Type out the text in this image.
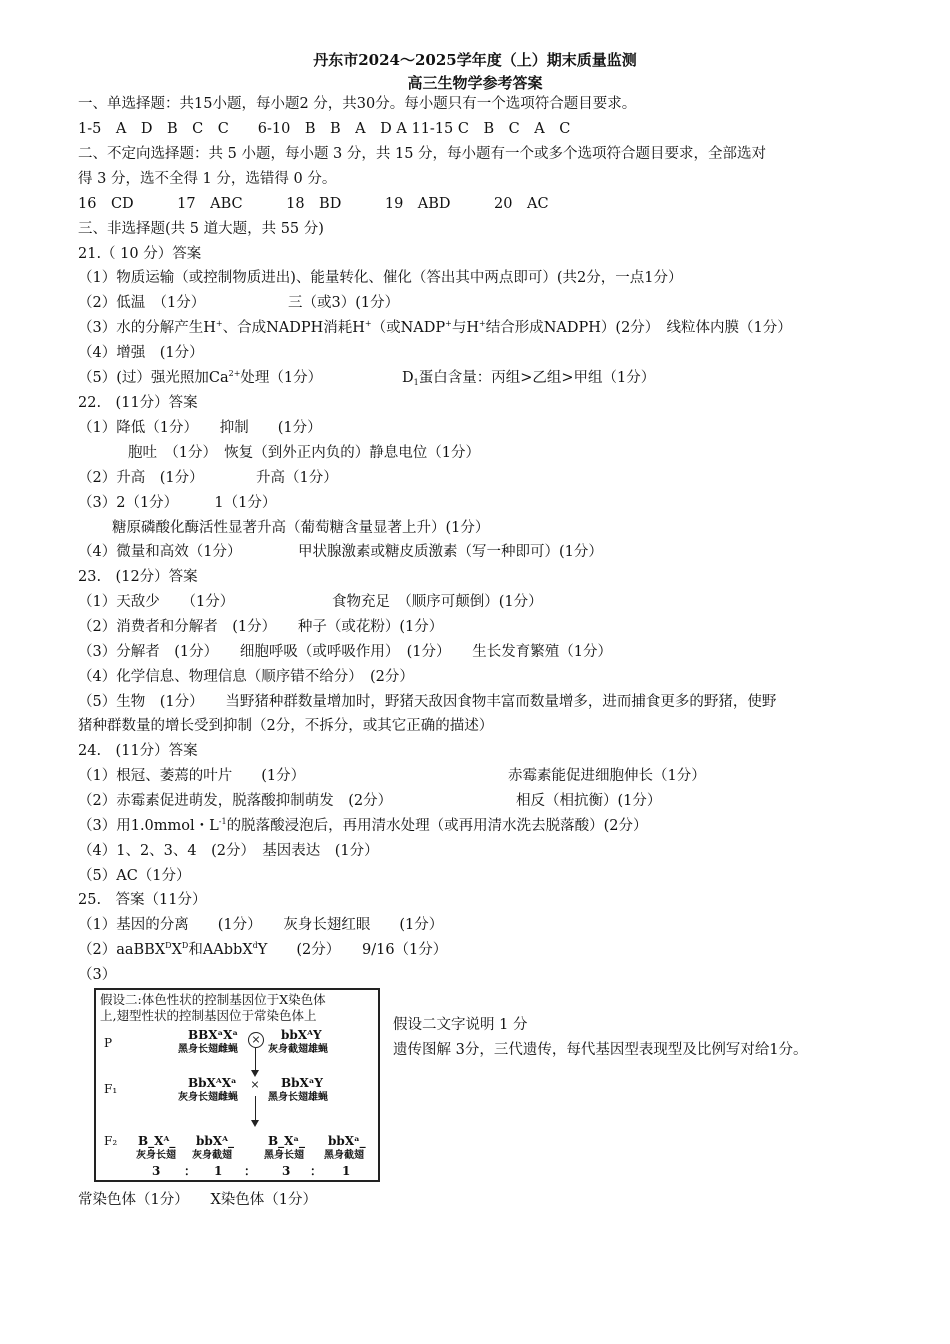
丹东市2024～2025学年度（上）期末质量监测
高三生物学参考答案
一、单选择题：共15小题，每小题2 分，共30分。每小题只有一个选项符合题目要求。
1-5　A　D　B　C　C　　6-10　B　B　A　D A 11-15 C　B　C　A　C
二、不定向选择题：共 5 小题，每小题 3 分，共 15 分，每小题有一个或多个选项符合题目要求，全部选对
得 3 分，选不全得 1 分，选错得 0 分。
16　CD　　　17　ABC　　　18　BD　　　19　ABD　　　20　AC
三、非选择题(共 5 道大题，共 55 分)
21.（ 10 分）答案
（1）物质运输（或控制物质进出)、能量转化、催化（答出其中两点即可）(共2分，一点1分）
（2）低温　（1分）	三（或3）(1分）
（3）水的分解产生H+、合成NADPH消耗H+（或NADP+与H+结合形成NADPH）(2分）　线粒体内膜（1分）
（4）增强　(1分）
（5）(过）强光照加$Ca^{2+}$处理（1分）	$D_1$蛋白含量：丙组>乙组>甲组（1分）
22.　(11分）答案
（1）降低（1分）　　抑制　　(1分）
胞吐　（1分）　恢复（到外正内负的）静息电位（1分）
（2）升高　(1分）	升高（1分）
（3）2（1分）　　　1（1分）
糖原磷酸化酶活性显著升高（葡萄糖含量显著上升）(1分）
（4）微量和高效（1分）	甲状腺激素或糖皮质激素（写一种即可）(1分）
23.　(12分）答案
（1）天敌少　　（1分）	食物充足　（顺序可颠倒）(1分）
（2）消费者和分解者　(1分）　　种子（或花粉）(1分）
（3）分解者　(1分）　　细胞呼吸（或呼吸作用）　(1分）　　生长发育繁殖（1分）
（4）化学信息、物理信息（顺序错不给分）　(2分）
（5）生物　(1分）　　当野猪种群数量增加时，野猪天敌因食物丰富而数量增多，进而捕食更多的野猪，使野
猪种群数量的增长受到抑制（2分，不拆分，或其它正确的描述）
24.　(11分）答案
（1）根冠、萎蔫的叶片　　(1分）	赤霉素能促进细胞伸长（1分）
（2）赤霉素促进萌发，脱落酸抑制萌发　(2分）	相反（相抗衡）(1分）
（3）用1.0mmol・$L^{-1}$的脱落酸浸泡后，再用清水处理（或再用清水洗去脱落酸）(2分）
（4）1、2、3、4　(2分）　基因表达　(1分）
（5）AC（1分）
25.　答案（11分）
（1）基因的分离　　(1分）　　灰身长翅红眼　　(1分）
$(2)aaBBX^DX^D$和AAbbX$^d$Y　　(2分）　　9/16（1分）
（3）
假设二:体色性状的控制基因位于X染色体
上,翅型性状的控制基因位于常染色体上
P
BBXᵃXᵃ
黑身长翅雌蝇
× bbXᴬY
灰身截翅雄蝇
F₁	BbXᴬXᵃ
灰身长翅雌蝇
× BbXᵃY
黑身长翅雄蝇
F₂ B_Xᴬ_
灰身长翅
bbXᴬ_
灰身截翅
B_Xᵃ_
黑身长翅
bbXᵃ_
黑身截翅
3 ： 1 ： 3 ： 1
假设二文字说明 1 分
遗传图解 3分，三代遗传，每代基因型表现型及比例写对给1分。
常染色体（1分）　　X染色体（1分）
